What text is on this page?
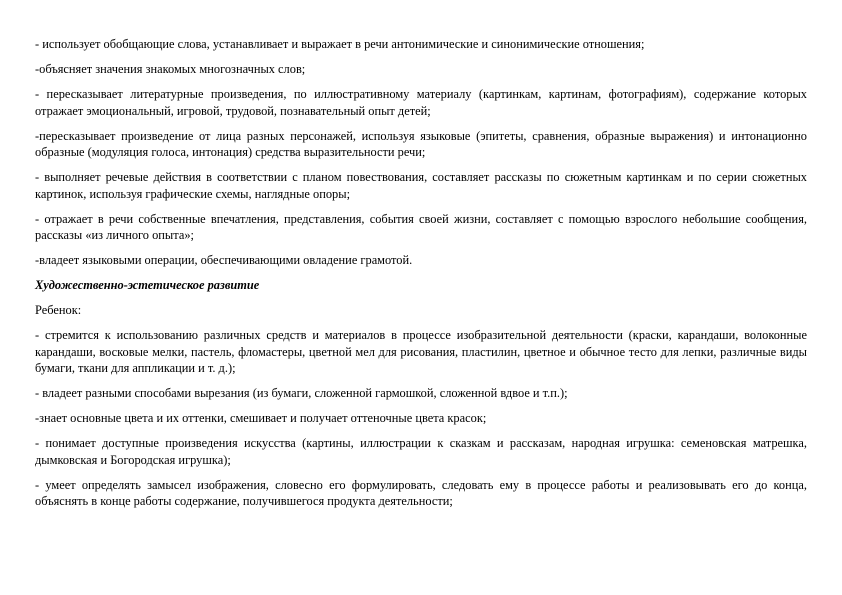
- использует обобщающие слова, устанавливает и выражает в речи антонимические и синонимические отношения;

-объясняет значения знакомых многозначных слов;

- пересказывает литературные произведения, по иллюстративному материалу (картинкам, картинам, фотографиям), содержание которых отражает эмоциональный, игровой, трудовой, познавательный опыт детей;

-пересказывает произведение от лица разных персонажей, используя языковые (эпитеты, сравнения, образные выражения) и интонационно образные (модуляция голоса, интонация) средства выразительности речи;

- выполняет речевые действия в соответствии с планом повествования, составляет рассказы по сюжетным картинкам и по серии сюжетных картинок, используя графические схемы, наглядные опоры;

- отражает в речи собственные впечатления, представления, события своей жизни, составляет с помощью взрослого небольшие сообщения, рассказы «из личного опыта»;

-владеет языковыми операции, обеспечивающими овладение грамотой.

Художественно-эстетическое развитие

Ребенок:

- стремится к использованию различных средств и материалов в процессе изобразительной деятельности (краски, карандаши, волоконные карандаши, восковые мелки, пастель, фломастеры, цветной мел для рисования, пластилин, цветное и обычное тесто для лепки, различные виды бумаги, ткани для аппликации и т. д.);

- владеет разными способами вырезания (из бумаги, сложенной гармошкой, сложенной вдвое и т.п.);

-знает основные цвета и их оттенки, смешивает и получает оттеночные цвета красок;

- понимает доступные произведения искусства (картины, иллюстрации к сказкам и рассказам, народная игрушка: семеновская матрешка, дымковская и Богородская игрушка);

- умеет определять замысел изображения, словесно его формулировать, следовать ему в процессе работы и реализовывать его до конца, объяснять в конце работы содержание, получившегося продукта деятельности;
